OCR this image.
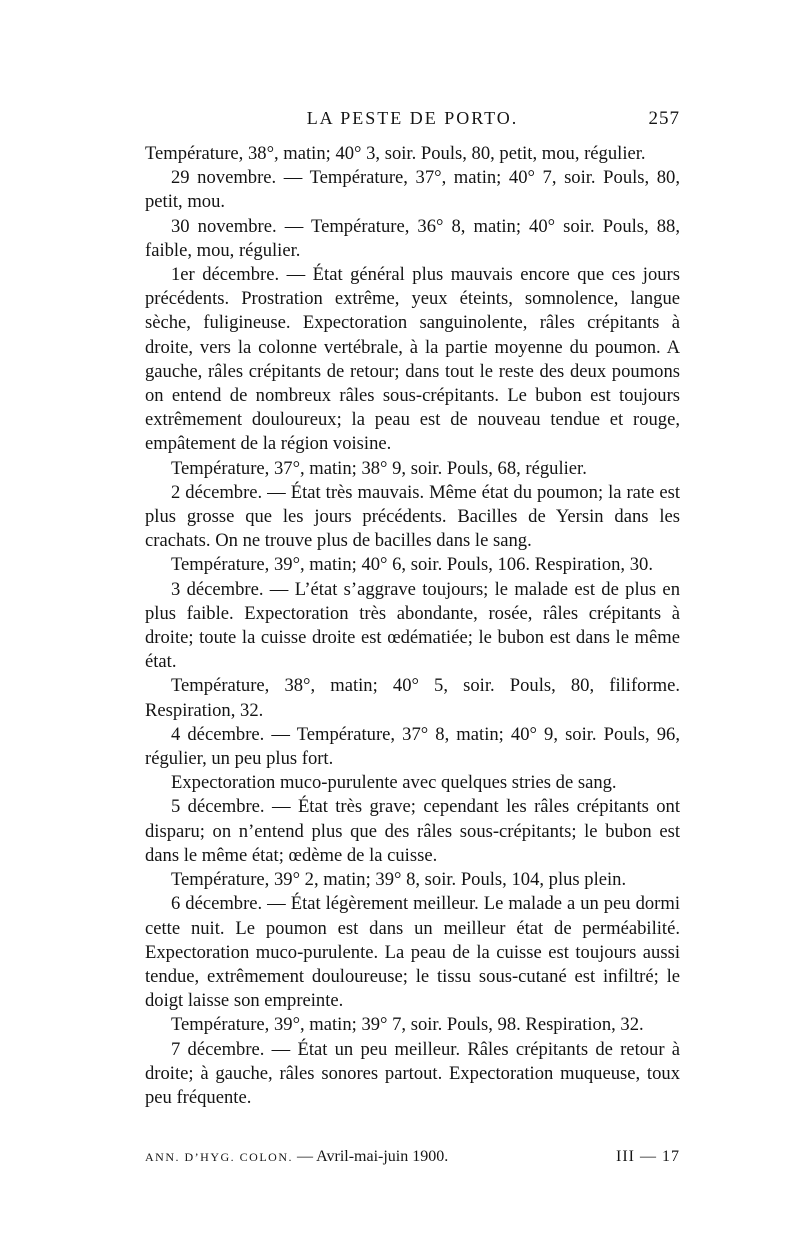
LA PESTE DE PORTO.	257

Température, 38°, matin; 40° 3, soir. Pouls, 80, petit, mou, régulier.

29 novembre. — Température, 37°, matin; 40° 7, soir. Pouls, 80, petit, mou.

30 novembre. — Température, 36° 8, matin; 40° soir. Pouls, 88, faible, mou, régulier.

1er décembre. — État général plus mauvais encore que ces jours précédents. Prostration extrême, yeux éteints, somnolence, langue sèche, fuligineuse. Expectoration sanguinolente, râles crépitants à droite, vers la colonne vertébrale, à la partie moyenne du poumon. A gauche, râles crépitants de retour; dans tout le reste des deux poumons on entend de nombreux râles sous-crépitants. Le bubon est toujours extrêmement douloureux; la peau est de nouveau tendue et rouge, empâtement de la région voisine.

Température, 37°, matin; 38° 9, soir. Pouls, 68, régulier.

2 décembre. — État très mauvais. Même état du poumon; la rate est plus grosse que les jours précédents. Bacilles de Yersin dans les crachats. On ne trouve plus de bacilles dans le sang.

Température, 39°, matin; 40° 6, soir. Pouls, 106. Respiration, 30.

3 décembre. — L’état s’aggrave toujours; le malade est de plus en plus faible. Expectoration très abondante, rosée, râles crépitants à droite; toute la cuisse droite est œdématiée; le bubon est dans le même état.

Température, 38°, matin; 40° 5, soir. Pouls, 80, filiforme. Respiration, 32.

4 décembre. — Température, 37° 8, matin; 40° 9, soir. Pouls, 96, régulier, un peu plus fort.

Expectoration muco-purulente avec quelques stries de sang.

5 décembre. — État très grave; cependant les râles crépitants ont disparu; on n’entend plus que des râles sous-crépitants; le bubon est dans le même état; œdème de la cuisse.

Température, 39° 2, matin; 39° 8, soir. Pouls, 104, plus plein.

6 décembre. — État légèrement meilleur. Le malade a un peu dormi cette nuit. Le poumon est dans un meilleur état de perméabilité. Expectoration muco-purulente. La peau de la cuisse est toujours aussi tendue, extrêmement douloureuse; le tissu sous-cutané est infiltré; le doigt laisse son empreinte.

Température, 39°, matin; 39° 7, soir. Pouls, 98. Respiration, 32.

7 décembre. — État un peu meilleur. Râles crépitants de retour à droite; à gauche, râles sonores partout. Expectoration muqueuse, toux peu fréquente.

ANN. D’HYG. COLON. — Avril-mai-juin 1900.	III — 17
